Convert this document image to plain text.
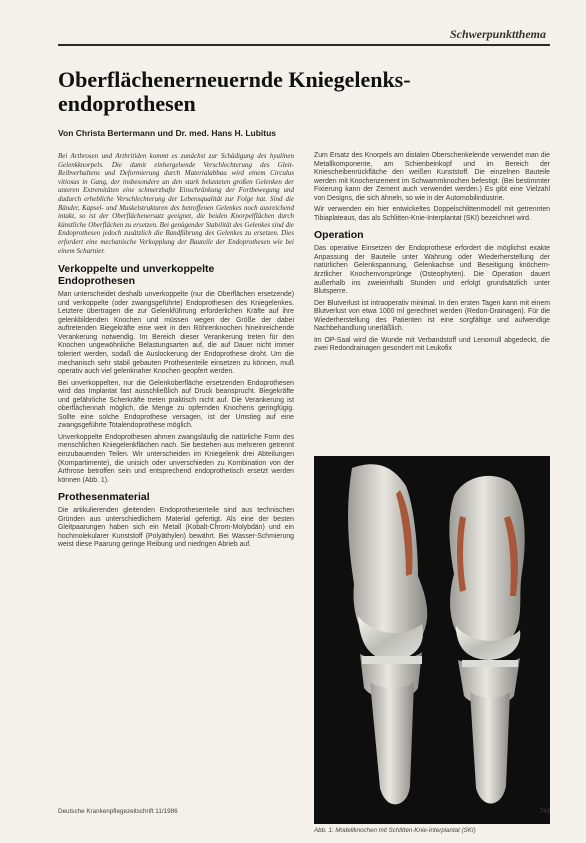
Schwerpunktthema
Oberflächenerneuernde Kniegelenks-endoprothesen
Von Christa Bertermann und Dr. med. Hans H. Lubitus

Bei Arthrosen und Arthritiden kommt es zunächst zur Schädigung des hyalinen Gelenkknorpels. Die damit einhergehende Verschlechterung des Gleit-Reibverhaltens und Deformierung durch Materialabbau wird einem Circulus vitiosus in Gang, der insbesondere an den stark belasteten großen Gelenken der unteren Extremitäten eine schmerzhafte Einschränkung der Fortbewegung und dadurch erhebliche Verschlechterung der Lebensqualität zur Folge hat. Sind die Bänder, Kapsel- und Muskelstrukturen des betroffenen Gelenkes noch ausreichend intakt, so ist der Oberflächenersatz geeignet, die beiden Knorpelflächen durch künstliche Oberflächen zu ersetzen. Bei genügender Stabilität des Gelenkes sind die Endoprothesen jedoch zusätzlich die Bandführung des Gelenkes zu ersetzen. Dies erfordert eine mechanische Verkopplung der Bauteile der Endoprothesen wie bei einem Scharnier.

Verkoppelte und unverkoppelte Endoprothesen

Man unterscheidet deshalb unverkoppelte (nur die Oberflächen ersetzende) und verkoppelte (oder zwangsgeführte) Endoprothesen des Kniegelenkes. Letztere übertragen die zur Gelenkführung erforderlichen Kräfte auf ihre gelenkbildenden Knochen und müssen wegen der Größe der dabei auftretenden Biegekräfte eine weit in den Röhrenknochen hineinreichende Verankerung notwendig. Im Bereich dieser Verankerung treten für den Knochen ungewöhnliche Belastungsarten auf, die auf Dauer nicht immer toleriert werden, sodaß die Auslockerung der Endoprothese droht. Um die mechanisch sehr stabil gebauten Prothesenteile einsetzen zu können, muß operativ auch viel gelenknaher Knochen geopfert werden.

Bei unverkoppelten, nur die Gelenkoberfläche ersetzenden Endoprothesen wird das Implantat fast ausschließlich auf Druck beansprucht. Biegekräfte und gefährliche Scherkräfte treten praktisch nicht auf. Die Verankerung ist oberflächennah möglich, die Menge zu opfernden Knochens geringfügig. Sollte eine solche Endoprothese versagen, ist der Umstieg auf eine zwangsgeführte Totalendoprothese möglich.

Unverkoppelte Endoprothesen ahmen zwangsläufig die natürliche Form des menschlichen Kniegelenkflächen nach. Sie bestehen aus mehreren getrennt einzubauenden Teilen. Wir unterscheiden im Kniegelenk drei Abteilungen (Kompartimente), die unisich oder unverschieden zu Kombination von der Arthrose betroffen sein und entsprechend endoprothetisch ersetzt werden können (Abb. 1).

Prothesenmaterial

Die artikulierenden gleitenden Endoprothesenteile sind aus technischen Gründen aus unterschiedlichem Material gefertigt. Als eine der besten Gleitpaarungen haben sich ein Metall (Kobalt-Chrom-Molybdän) und ein hochmolekularer Kunststoff (Polyäthylen) bewährt. Bei Wasser-Schmierung weist diese Paarung geringe Reibung und niedrigen Abrieb auf.

Zum Ersatz des Knorpels am distalen Oberschenkelende verwendet man die Metallkomponente, am Schienbeinkopf und im Bereich der Kniescheibenrückfläche den weißen Kunststoff. Die einzelnen Bauteile werden mit Knochenzement im Schwammknochen befestigt. (Bei bestimmter Fixierung kann der Zement auch verwendet werden.) Es gibt eine Vielzahl von Designs, die sich ähneln, so wie in der Automobilindustrie.

Wir verwenden ein hier entwickeltes Doppelschlittenmodell mit getrennten Tibiaplateaus, das als Schlitten-Knie-Interplantat (SKI) bezeichnet wird.

Operation

Das operative Einsetzen der Endoprothese erfordert die möglichst exakte Anpassung der Bauteile unter Wahrung oder Wiederherstellung der natürlichen Gelenkspannung, Gelenkachse und Beseitigung knöchern-ärztlicher Knochenvorsprünge (Osteophyten). Die Operation dauert außerhalb ins zweieinhalb Stunden und erfolgt grundsätzlich unter Blutsperre.

Der Blutverlust ist intraoperativ minimal. In den ersten Tagen kann mit einem Blutverlust von etwa 1000 ml gerechnet werden (Redon-Drainagen). Für die Wiederherstellung des Patienten ist eine sorgfältige und aufwendige Nachbehandlung unerläßlich.

Im OP-Saal wird die Wunde mit Verbandstoff und Lenomull abgedeckt, die zwei Redondrainagen gesondert mit Leukofix

Abb. 1: Modellknochen mit Schlitten-Knie-Interplantat (SKI)
Deutsche Krankenpflegezeitschrift 11/1986	743
